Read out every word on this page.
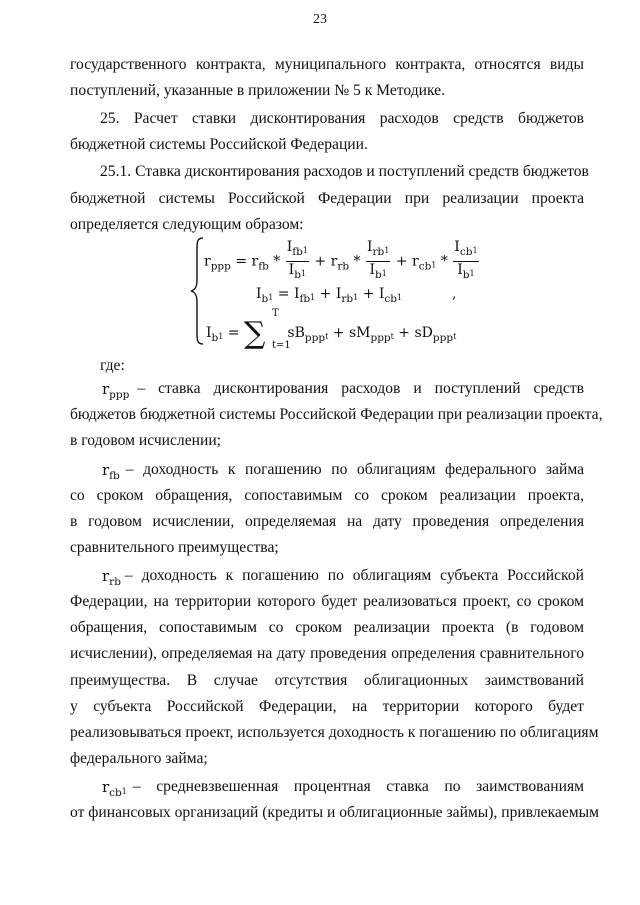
23
государственного контракта, муниципального контракта, относятся виды
поступлений, указанные в приложении № 5 к Методике.
25. Расчет ставки дисконтирования расходов средств бюджетов
бюджетной системы Российской Федерации.
25.1. Ставка дисконтирования расходов и поступлений средств бюджетов
бюджетной системы Российской Федерации при реализации проекта
определяется следующим образом:
$r_{ppp} = r_{fb} * \frac{I_{fb}1}{I_b1} + r_{rb} * \frac{I_{rb}1}{I_b1} + r_{cb}1 * \frac{I_{cb}1}{I_b1}$
$I_b1 = I_{fb}1 + I_{rb}1 + I_{cb}1$	,
$I_b1$ = ∑ $sB_{ppp}t + sM_{ppp}t + sD_{ppp}t$
T
t=1
где:
$r_{ppp}$ – ставка дисконтирования расходов и поступлений средств
бюджетов бюджетной системы Российской Федерации при реализации проекта,
в годовом исчислении;
$r_{fb}$ – доходность к погашению по облигациям федерального займа
со сроком обращения, сопоставимым со сроком реализации проекта,
в годовом исчислении, определяемая на дату проведения определения
сравнительного преимущества;
$r_{rb}$ – доходность к погашению по облигациям субъекта Российской
Федерации, на территории которого будет реализоваться проект, со сроком
обращения, сопоставимым со сроком реализации проекта (в годовом
исчислении), определяемая на дату проведения определения сравнительного
преимущества. В случае отсутствия облигационных заимствований
у субъекта Российской Федерации, на территории которого будет
реализовываться проект, используется доходность к погашению по облигациям
федерального займа;
$r_{cb}1$ – средневзвешенная процентная ставка по заимствованиям
от финансовых организаций (кредиты и облигационные займы), привлекаемым
